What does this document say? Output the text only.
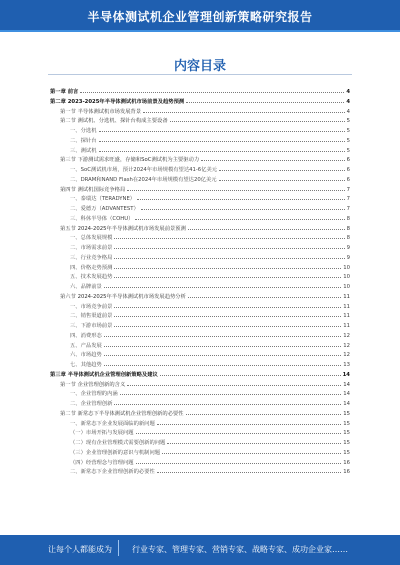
半导体测试机企业管理创新策略研究报告
内容目录
第一章 前言	4
第二章 2023-2025年半导体测试机市场前景及趋势预测	4
第一节 半导体测试机市场发展背景	4
第二节 测试机、分选机、探针台构成主要设备	5
一、分选机	5
二、探针台	5
三、测试机	5
第三节 下游测试需求旺盛，存储和SoC测试机为主要驱动力	6
一、SoC测试机市场，预计2024年市场规模有望达41-6亿美元	6
二、DRAM和NAND Flash在2024年市场规模有望达20亿美元	6
第四节 测试机国际竞争格局	7
一、泰瑞达（TERADYNE）	7
二、爱德万（ADVANTEST）	7
三、科休半导体（COHU）	8
第五节 2024-2025年半导体测试机市场发展前景预测	8
一、总体发展规模	8
二、市场需求前景	9
三、行业竞争格局	9
四、价格走势预测	10
五、技术发展趋势	10
六、品牌前景	10
第六节 2024-2025年半导体测试机市场发展趋势分析	11
一、市场竞争前景	11
二、销售渠道前景	11
三、下游市场前景	11
四、消费形态	12
五、产品发展	12
六、市场趋势	12
七、其他趋势	13
第三章 半导体测试机企业管理创新策略及建议	14
第一节 企业管理创新的含义	14
一、企业管理的内涵	14
二、企业管理创新	14
第二节 新常态下半导体测试机企业管理创新的必要性	15
一、新常态下企业发展面临的新问题	15
（一）市场开拓与发展问题	15
（二）现有企业管理模式需要创新的问题	15
（三）企业管理创新的意识与机制问题	15
（四）经营理念与管理问题	16
二、新常态下企业管理创新的必要性	16
让每个人都能成为	行业专家、管理专家、营销专家、战略专家、成功企业家……
